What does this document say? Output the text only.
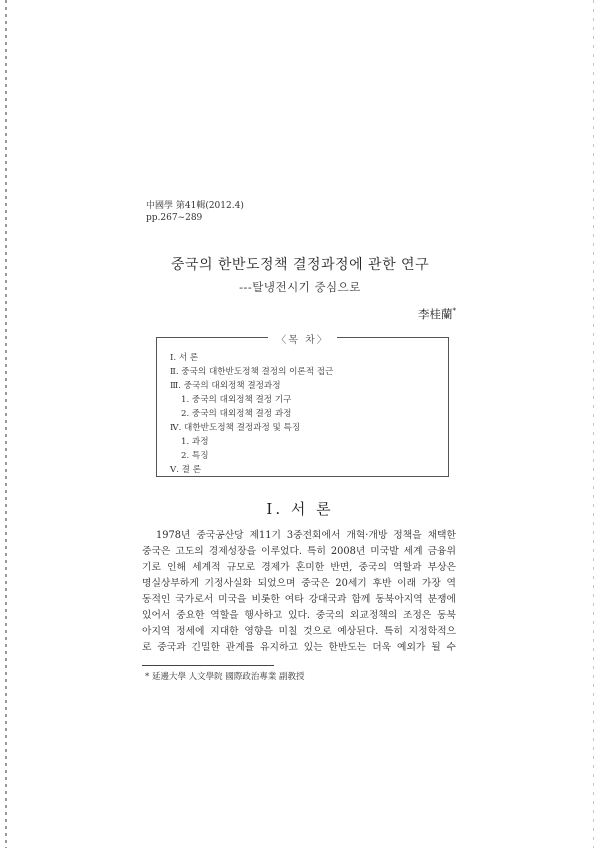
中國學 第41輯(2012.4)
pp.267∼289
중국의 한반도정책 결정과정에 관한 연구
---탈냉전시기 중심으로
李桂蘭*
〈목 차〉
Ⅰ. 서 론
Ⅱ. 중국의 대한반도정책 결정의 이론적 접근
Ⅲ. 중국의 대외정책 결정과정
1. 중국의 대외정책 결정 기구
2. 중국의 대외정책 결정 과정
Ⅳ. 대한반도정책 결정과정 및 특징
1. 과정
2. 특징
Ⅴ. 결 론
Ⅰ. 서 론
1978년 중국공산당 제11기 3중전회에서 개혁·개방 정책을 채택한
중국은 고도의 경제성장을 이루었다. 특히 2008년 미국발 세계 금융위
기로 인해 세계적 규모로 경제가 혼미한 반면, 중국의 역할과 부상은
명실상부하게 기정사실화 되었으며 중국은 20세기 후반 이래 가장 역
동적인 국가로서 미국을 비롯한 여타 강대국과 함께 동북아지역 분쟁에
있어서 중요한 역할을 행사하고 있다. 중국의 외교정책의 조정은 동북
아지역 정세에 지대한 영향을 미칠 것으로 예상된다. 특히 지정학적으
로 중국과 긴밀한 관계를 유지하고 있는 한반도는 더욱 예외가 될 수
* 延邊大學 人文學院 國際政治專業 副教授
